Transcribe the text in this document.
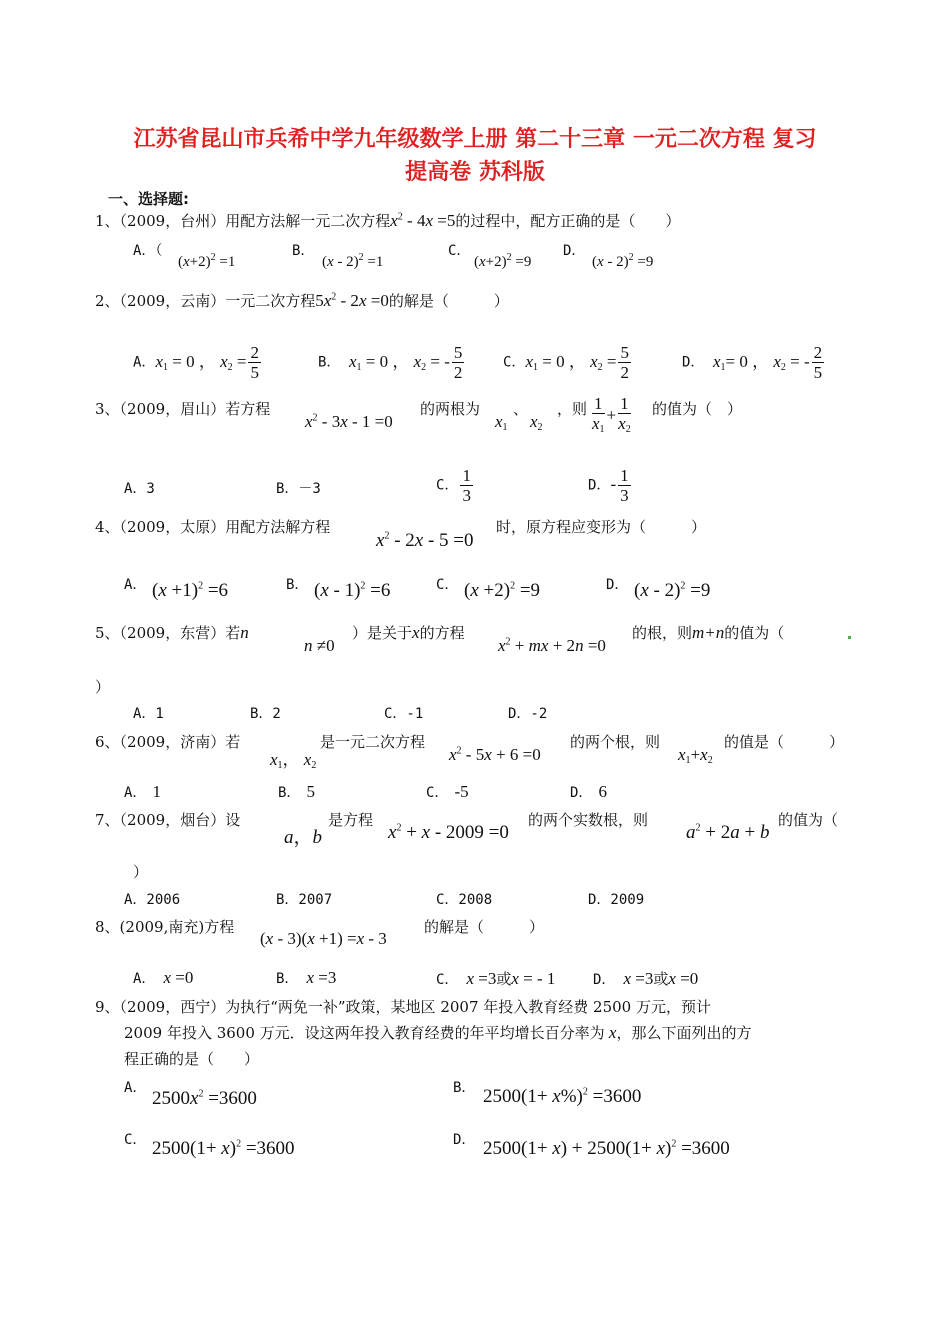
江苏省昆山市兵希中学九年级数学上册 第二十三章 一元二次方程 复习
提高卷 苏科版
一、选择题:
1、（2009，台州）用配方法解一元二次方程$x^2 - 4x =5$的过程中，配方正确的是（　　）
A．（
$(x+2)^2 =1$
B．
(x - 2)$^2$ =1
C．
$(x+2)^2 =9$
D．
(x - 2)$^2$ =9
2、（2009，云南）一元二次方程$5x^2 - 2x =0$的解是（　　　）
A．$x_1 = 0$ ， $x_2 = \frac{2}{5}$	B． $x_1 = 0$ ， $x_2$ = - $\frac{5}{2}$	C．$x_1 = 0$ ， $x_2 = \frac{5}{2}$	D． $x_1= 0$ ， $x_2$ = - $\frac{2}{5}$
3、（2009，眉山）若方程
$x^2 - 3x - 1 =0$
的两根为
$x_1$
、
$x_2$
，则 $\frac{1}{x_1} + \frac{1}{x_2}$ 的值为（　）
A．3	B．－3	C． $\frac{1}{3}$	D．- $\frac{1}{3}$
4、（2009，太原）用配方法解方程
$x^2 - 2x - 5 =0$
时，原方程应变形为（　　　）
A． $(x +1)^2 =6$	B． (x - 1)$^2$ =6	C． $(x +2)^2 =9$	D． (x - 2)$^2$ =9
5、（2009，东营）若n
n ≠0
）是关于x的方程
$x^2$ + mx + 2n =0
的根，则m+n的值为（
）
A．1	B．2	C．-1	D．-2
6、（2009，济南）若
$x_1$， $x_2$
是一元二次方程
$x^2 - 5x + 6 =0$
的两个根，则
$x_1+x_2$
的值是（　　　）
A． 1	B． 5	C． -5	D． 6
7、（2009，烟台）设
a，b
是方程
$x^2 + x - 2009 =0$
的两个实数根，则
$a^2 + 2a + b$
的值为（
）
A．2006	B．2007	C．2008	D．2009
8、(2009,南充)方程
(x - 3)(x +1) =x - 3
的解是（　　　）
A． x =0	B． x =3	C． x =3或x = - 1	D． x =3或x =0
9、（2009，西宁）为执行“两免一补”政策，某地区 2007 年投入教育经费 2500 万元，预计
2009 年投入 3600 万元．设这两年投入教育经费的年平均增长百分率为 x，那么下面列出的方
程正确的是（　　）
A． $2500x^2 =3600$	B． $2500(1+ x\%)^2 =3600$
C． $2500(1+ x)^2 =3600$	D． $2500(1+ x) + 2500(1+ x)^2 =3600$
